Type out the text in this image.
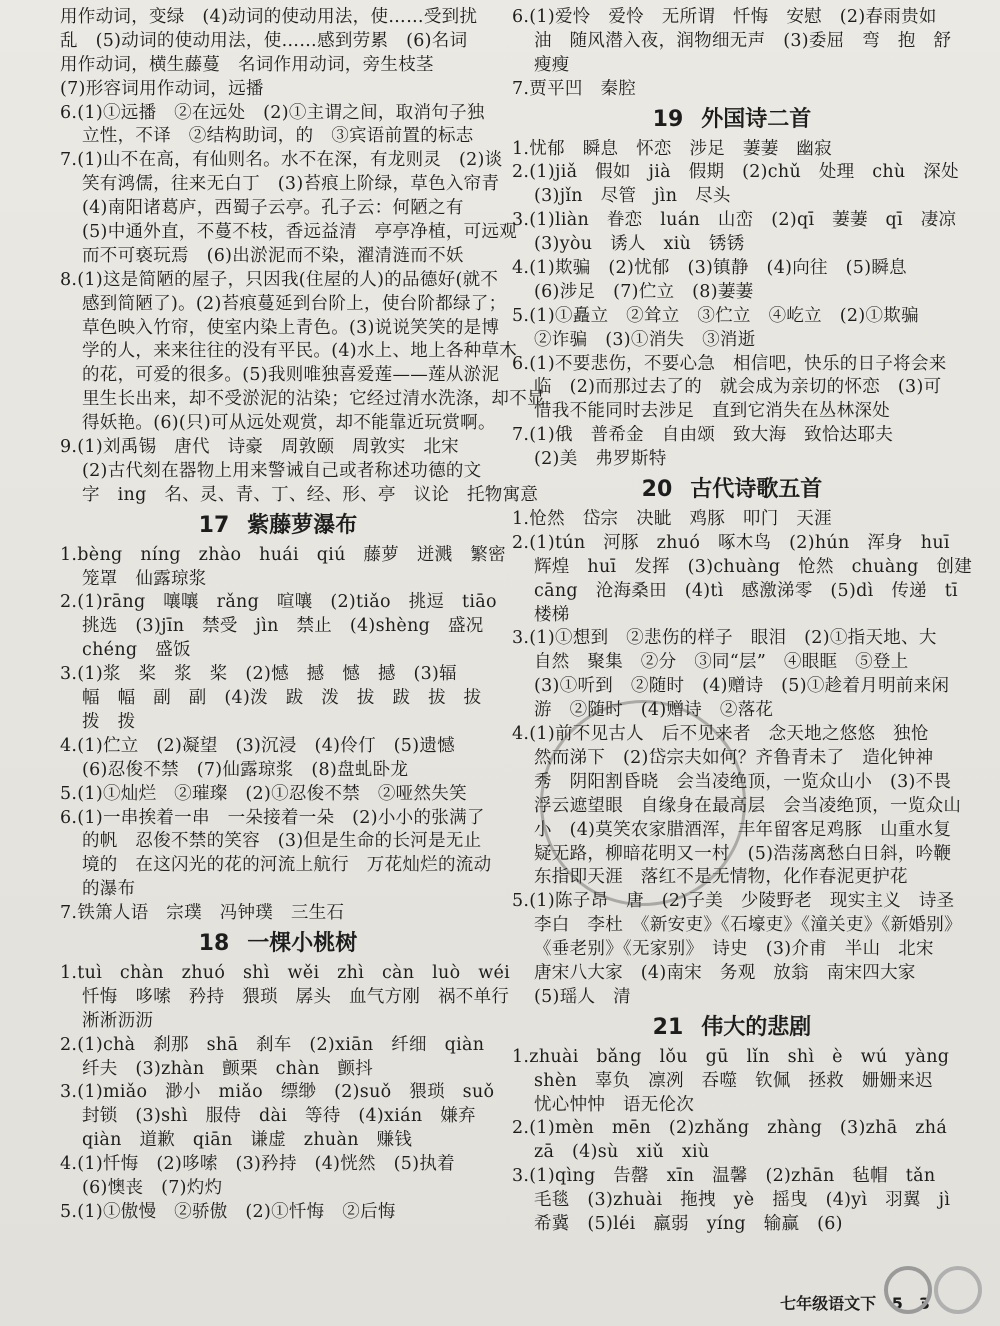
用作动词，变绿　(4)动词的使动用法，使……受到扰
乱　(5)动词的使动用法，使……感到劳累　(6)名词
用作动词，横生藤蔓　名词作用动词，旁生枝茎
(7)形容词用作动词，远播
6.(1)①远播　②在远处　(2)①主谓之间，取消句子独
立性，不译　②结构助词，的　③宾语前置的标志
7.(1)山不在高，有仙则名。水不在深，有龙则灵　(2)谈
笑有鸿儒，往来无白丁　(3)苔痕上阶绿，草色入帘青
(4)南阳诸葛庐，西蜀子云亭。孔子云：何陋之有
(5)中通外直，不蔓不枝，香远益清　亭亭净植，可远观
而不可亵玩焉　(6)出淤泥而不染，濯清涟而不妖
8.(1)这是简陋的屋子，只因我(住屋的人)的品德好(就不
感到简陋了)。(2)苔痕蔓延到台阶上，使台阶都绿了；
草色映入竹帘，使室内染上青色。(3)说说笑笑的是博
学的人，来来往往的没有平民。(4)水上、地上各种草木
的花，可爱的很多。(5)我则唯独喜爱莲——莲从淤泥
里生长出来，却不受淤泥的沾染；它经过清水洗涤，却不显
得妖艳。(6)(只)可从远处观赏，却不能靠近玩赏啊。
9.(1)刘禹锡　唐代　诗豪　周敦颐　周敦实　北宋
(2)古代刻在器物上用来警诫自己或者称述功德的文
字　ing　名、灵、青、丁、经、形、亭　议论　托物寓意
17 紫藤萝瀑布
1.bèng　níng　zhào　huái　qiú　藤萝　迸溅　繁密
笼罩　仙露琼浆
2.(1)rāng　嚷嚷　rǎng　喧嚷　(2)tiǎo　挑逗　tiāo
挑选　(3)jīn　禁受　jìn　禁止　(4)shèng　盛况
chéng　盛饭
3.(1)浆　桨　浆　桨　(2)憾　撼　憾　撼　(3)辐
幅　幅　副　副　(4)泼　跋　泼　拔　跋　拔　拔
拨　拨
4.(1)伫立　(2)凝望　(3)沉浸　(4)伶仃　(5)遗憾
(6)忍俊不禁　(7)仙露琼浆　(8)盘虬卧龙
5.(1)①灿烂　②璀璨　(2)①忍俊不禁　②哑然失笑
6.(1)一串挨着一串　一朵接着一朵　(2)小小的张满了
的帆　忍俊不禁的笑容　(3)但是生命的长河是无止
境的　在这闪光的花的河流上航行　万花灿烂的流动
的瀑布
7.铁箫人语　宗璞　冯钟璞　三生石
18 一棵小桃树
1.tuì　chàn　zhuó　shì　wěi　zhì　càn　luò　wéi
忏悔　哆嗦　矜持　猥琐　孱头　血气方刚　祸不单行
淅淅沥沥
2.(1)chà　刹那　shā　刹车　(2)xiān　纤细　qiàn
纤夫　(3)zhàn　颤栗　chàn　颤抖
3.(1)miǎo　渺小　miǎo　缥缈　(2)suǒ　猥琐　suǒ
封锁　(3)shì　服侍　dài　等待　(4)xián　嫌弃
qiàn　道歉　qiān　谦虚　zhuàn　赚钱
4.(1)忏悔　(2)哆嗦　(3)矜持　(4)恍然　(5)执着
(6)懊丧　(7)灼灼
5.(1)①傲慢　②骄傲　(2)①忏悔　②后悔
6.(1)爱怜　爱怜　无所谓　忏悔　安慰　(2)春雨贵如
油　随风潜入夜，润物细无声　(3)委屈　弯　抱　舒
瘦瘦
7.贾平凹　秦腔
19 外国诗二首
1.忧郁　瞬息　怀恋　涉足　萋萋　幽寂
2.(1)jiǎ　假如　jià　假期　(2)chǔ　处理　chù　深处
(3)jǐn　尽管　jìn　尽头
3.(1)liàn　眷恋　luán　山峦　(2)qī　萋萋　qī　凄凉
(3)yòu　诱人　xiù　锈锈
4.(1)欺骗　(2)忧郁　(3)镇静　(4)向往　(5)瞬息
(6)涉足　(7)伫立　(8)萋萋
5.(1)①矗立　②耸立　③伫立　④屹立　(2)①欺骗
②诈骗　(3)①消失　③消逝
6.(1)不要悲伤，不要心急　相信吧，快乐的日子将会来
临　(2)而那过去了的　就会成为亲切的怀恋　(3)可
惜我不能同时去涉足　直到它消失在丛林深处
7.(1)俄　普希金　自由颂　致大海　致恰达耶夫
(2)美　弗罗斯特
20 古代诗歌五首
1.怆然　岱宗　决眦　鸡豚　叩门　天涯
2.(1)tún　河豚　zhuó　啄木鸟　(2)hún　浑身　huī
辉煌　huī　发挥　(3)chuàng　怆然　chuàng　创建
cāng　沧海桑田　(4)tì　感激涕零　(5)dì　传递　tī
楼梯
3.(1)①想到　②悲伤的样子　眼泪　(2)①指天地、大
自然　聚集　②分　③同“层”　④眼眶　⑤登上
(3)①听到　②随时　(4)赠诗　(5)①趁着月明前来闲
游　②随时　(4)赠诗　②落花
4.(1)前不见古人　后不见来者　念天地之悠悠　独怆
然而涕下　(2)岱宗夫如何？齐鲁青未了　造化钟神
秀　阴阳割昏晓　会当凌绝顶，一览众山小　(3)不畏
浮云遮望眼　自缘身在最高层　会当凌绝顶，一览众山
小　(4)莫笑农家腊酒浑，丰年留客足鸡豚　山重水复
疑无路，柳暗花明又一村　(5)浩荡离愁白日斜，吟鞭
东指即天涯　落红不是无情物，化作春泥更护花
5.(1)陈子昂　唐　(2)子美　少陵野老　现实主义　诗圣
李白　李杜　《新安吏》《石壕吏》《潼关吏》《新婚别》
《垂老别》《无家别》　诗史　(3)介甫　半山　北宋
唐宋八大家　(4)南宋　务观　放翁　南宋四大家
(5)瑶人　清
21 伟大的悲剧
1.zhuài　bǎng　lǒu　gū　lǐn　shì　è　wú　yàng
shèn　辜负　凛冽　吞噬　钦佩　拯救　姗姗来迟
忧心忡忡　语无伦次
2.(1)mèn　mēn　(2)zhǎng　zhàng　(3)zhā　zhá
zā　(4)sù　xiǔ　xiù
3.(1)qìng　告罄　xīn　温馨　(2)zhān　毡帽　tǎn
毛毯　(3)zhuài　拖拽　yè　摇曳　(4)yì　羽翼　jì
希冀　(5)léi　羸弱　yíng　输赢　(6)
七年级语文下 5　3
